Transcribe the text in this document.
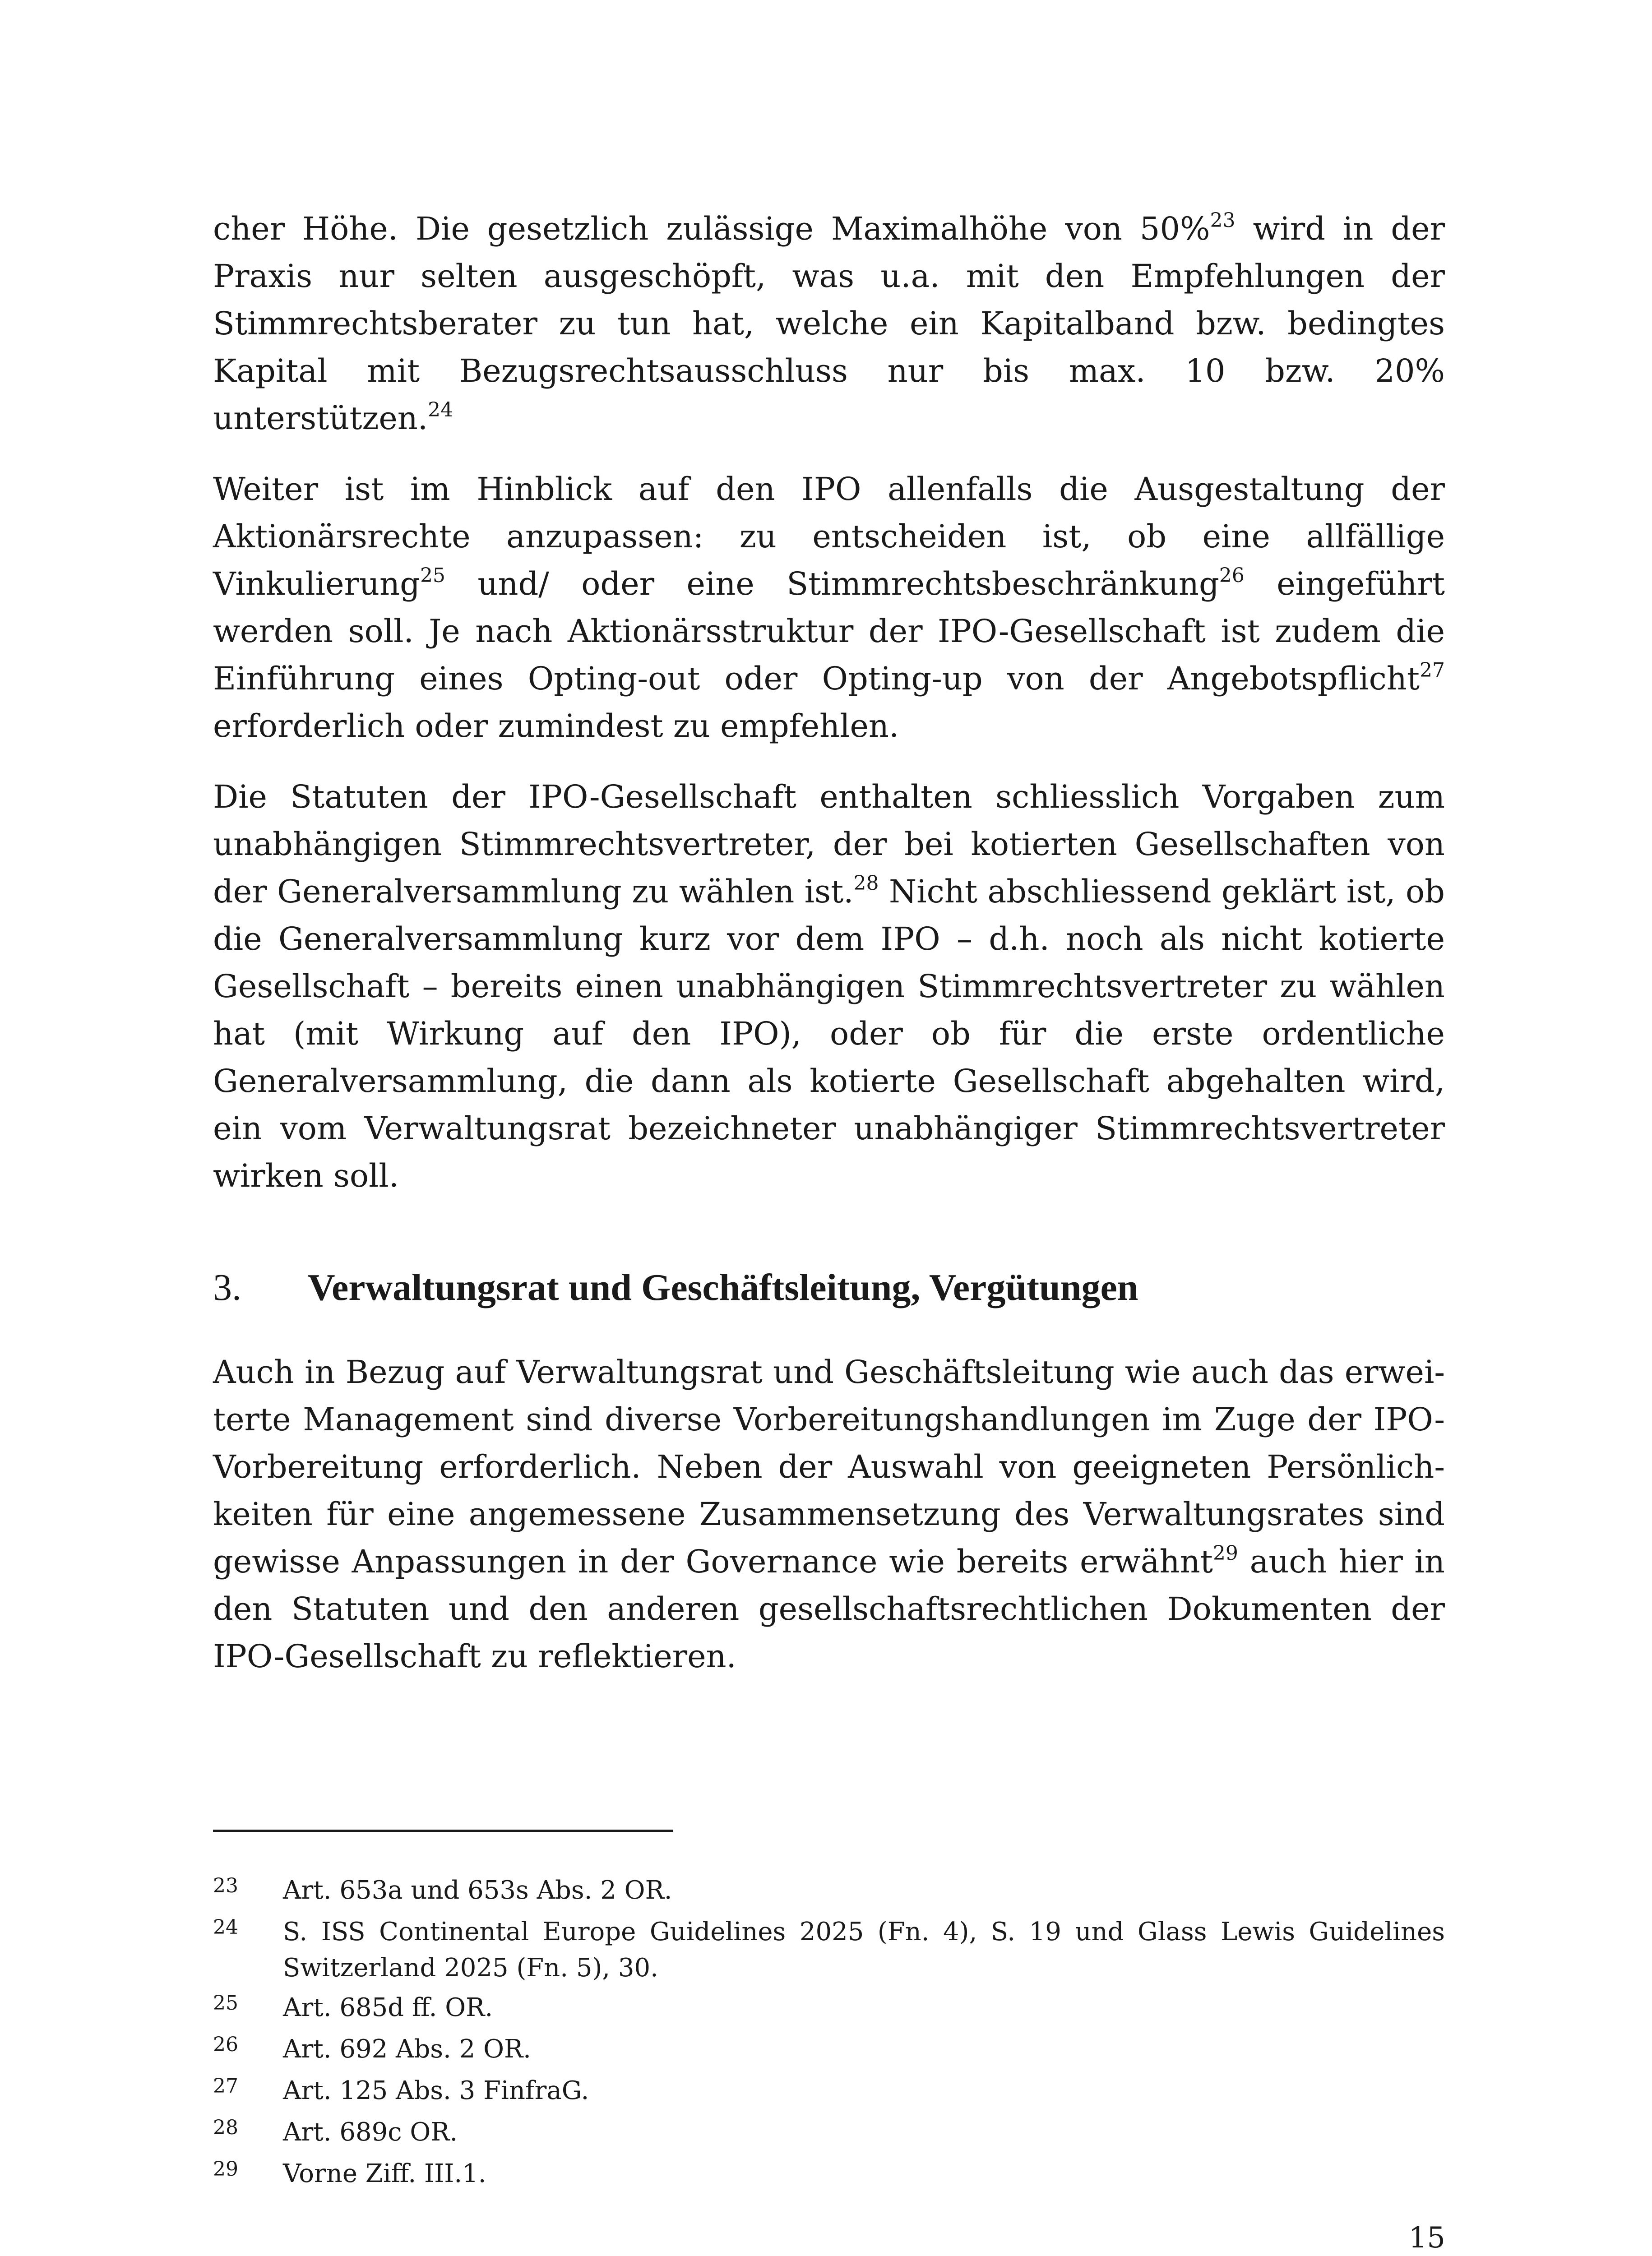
cher Höhe. Die gesetzlich zulässige Maximalhöhe von 50%$^{23}$ wird in der Praxis nur selten ausgeschöpft, was u.a. mit den Empfehlungen der Stimmrechtsberater zu tun hat, welche ein Kapitalband bzw. bedingtes Kapital mit Bezugsrechtsausschluss nur bis max. 10 bzw. 20% unterstützen.$^{24}$

Weiter ist im Hinblick auf den IPO allenfalls die Ausgestaltung der Aktionärsrechte anzupassen: zu entscheiden ist, ob eine allfällige Vinkulierung$^{25}$ und/ oder eine Stimmrechtsbeschränkung$^{26}$ eingeführt werden soll. Je nach Aktionärsstruktur der IPO-Gesellschaft ist zudem die Einführung eines Opting-out oder Opting-up von der Angebotspflicht$^{27}$ erforderlich oder zumindest zu empfehlen.

Die Statuten der IPO-Gesellschaft enthalten schliesslich Vorgaben zum unabhängigen Stimmrechtsvertreter, der bei kotierten Gesellschaften von der Generalversammlung zu wählen ist.$^{28}$ Nicht abschliessend geklärt ist, ob die Generalversammlung kurz vor dem IPO – d.h. noch als nicht kotierte Gesellschaft – bereits einen unabhängigen Stimmrechtsvertreter zu wählen hat (mit Wirkung auf den IPO), oder ob für die erste ordentliche Generalversammlung, die dann als kotierte Gesellschaft abgehalten wird, ein vom Verwaltungsrat bezeichneter unabhängiger Stimmrechtsvertreter wirken soll.

3.	Verwaltungsrat und Geschäftsleitung, Vergütungen

Auch in Bezug auf Verwaltungsrat und Geschäftsleitung wie auch das erweiterte Management sind diverse Vorbereitungshandlungen im Zuge der IPO-Vorbereitung erforderlich. Neben der Auswahl von geeigneten Persönlichkeiten für eine angemessene Zusammensetzung des Verwaltungsrates sind gewisse Anpassungen in der Governance wie bereits erwähnt$^{29}$ auch hier in den Statuten und den anderen gesellschaftsrechtlichen Dokumenten der IPO-Gesellschaft zu reflektieren.

23	Art. 653a und 653s Abs. 2 OR.
24	S. ISS Continental Europe Guidelines 2025 (Fn. 4), S. 19 und Glass Lewis Guidelines Switzerland 2025 (Fn. 5), 30.
25	Art. 685d ff. OR.
26	Art. 692 Abs. 2 OR.
27	Art. 125 Abs. 3 FinfraG.
28	Art. 689c OR.
29	Vorne Ziff. III.1.
15
